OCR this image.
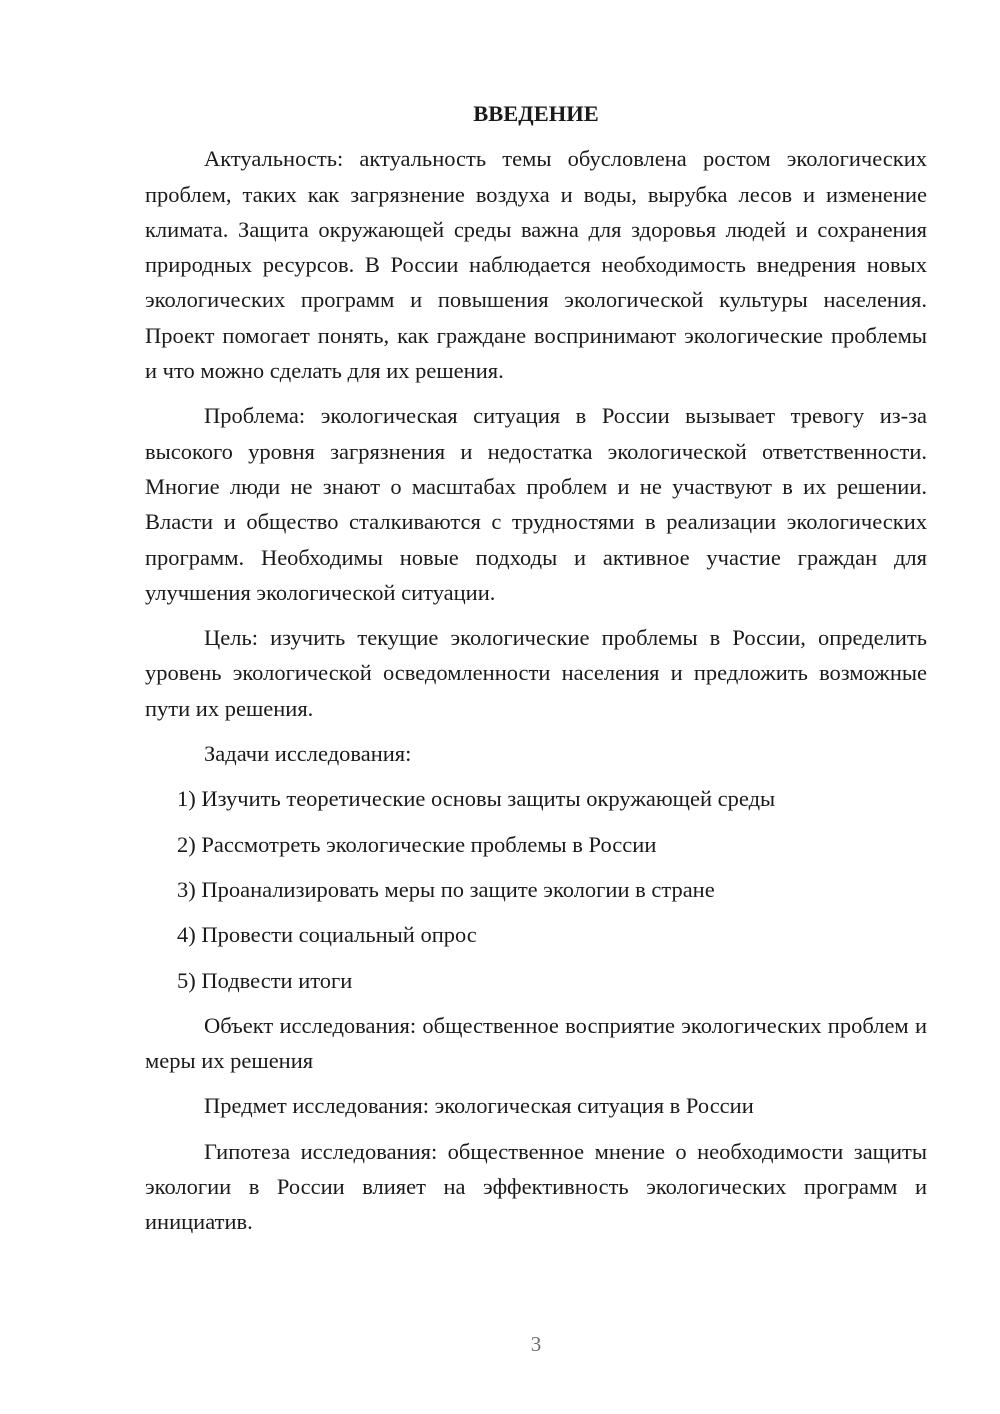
ВВЕДЕНИЕ

Актуальность: актуальность темы обусловлена ростом экологических проблем, таких как загрязнение воздуха и воды, вырубка лесов и изменение климата. Защита окружающей среды важна для здоровья людей и сохранения природных ресурсов. В России наблюдается необходимость внедрения новых экологических программ и повышения экологической культуры населения. Проект помогает понять, как граждане воспринимают экологические проблемы и что можно сделать для их решения.

Проблема: экологическая ситуация в России вызывает тревогу из-за высокого уровня загрязнения и недостатка экологической ответственности. Многие люди не знают о масштабах проблем и не участвуют в их решении. Власти и общество сталкиваются с трудностями в реализации экологических программ. Необходимы новые подходы и активное участие граждан для улучшения экологической ситуации.

Цель: изучить текущие экологические проблемы в России, определить уровень экологической осведомленности населения и предложить возможные пути их решения.

Задачи исследования:

1) Изучить теоретические основы защиты окружающей среды

2) Рассмотреть экологические проблемы в России

3) Проанализировать меры по защите экологии в стране

4) Провести социальный опрос

5) Подвести итоги

Объект исследования: общественное восприятие экологических проблем и меры их решения

Предмет исследования: экологическая ситуация в России

Гипотеза исследования: общественное мнение о необходимости защиты экологии в России влияет на эффективность экологических программ и инициатив.

3
